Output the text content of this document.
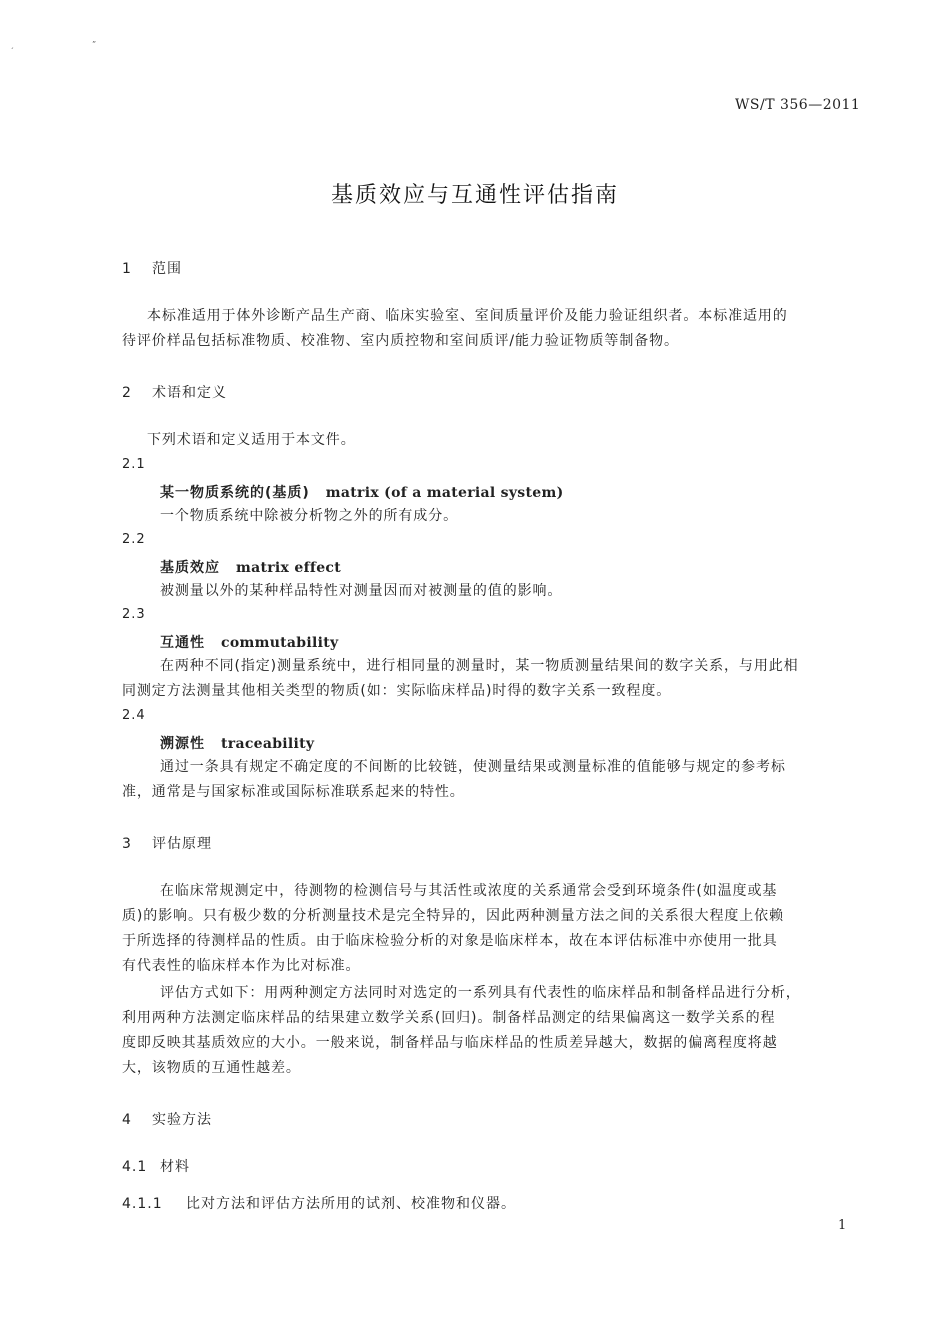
ˏ	”
WS/T 356—2011
基质效应与互通性评估指南
1 范围
本标准适用于体外诊断产品生产商、临床实验室、室间质量评价及能力验证组织者。本标准适用的
待评价样品包括标准物质、校准物、室内质控物和室间质评/能力验证物质等制备物。
2 术语和定义
下列术语和定义适用于本文件。
2.1
某一物质系统的(基质) matrix (of a material system)
一个物质系统中除被分析物之外的所有成分。
2.2
基质效应 matrix effect
被测量以外的某种样品特性对测量因而对被测量的值的影响。
2.3
互通性 commutability
在两种不同(指定)测量系统中，进行相同量的测量时，某一物质测量结果间的数字关系，与用此相
同测定方法测量其他相关类型的物质(如：实际临床样品)时得的数字关系一致程度。
2.4
溯源性 traceability
通过一条具有规定不确定度的不间断的比较链，使测量结果或测量标准的值能够与规定的参考标
准，通常是与国家标准或国际标准联系起来的特性。
3 评估原理
在临床常规测定中，待测物的检测信号与其活性或浓度的关系通常会受到环境条件(如温度或基
质)的影响。只有极少数的分析测量技术是完全特异的，因此两种测量方法之间的关系很大程度上依赖
于所选择的待测样品的性质。由于临床检验分析的对象是临床样本，故在本评估标准中亦使用一批具
有代表性的临床样本作为比对标准。
评估方式如下：用两种测定方法同时对选定的一系列具有代表性的临床样品和制备样品进行分析，
利用两种方法测定临床样品的结果建立数学关系(回归)。制备样品测定的结果偏离这一数学关系的程
度即反映其基质效应的大小。一般来说，制备样品与临床样品的性质差异越大，数据的偏离程度将越
大，该物质的互通性越差。
4 实验方法
4.1 材料
4.1.1 比对方法和评估方法所用的试剂、校准物和仪器。
1
